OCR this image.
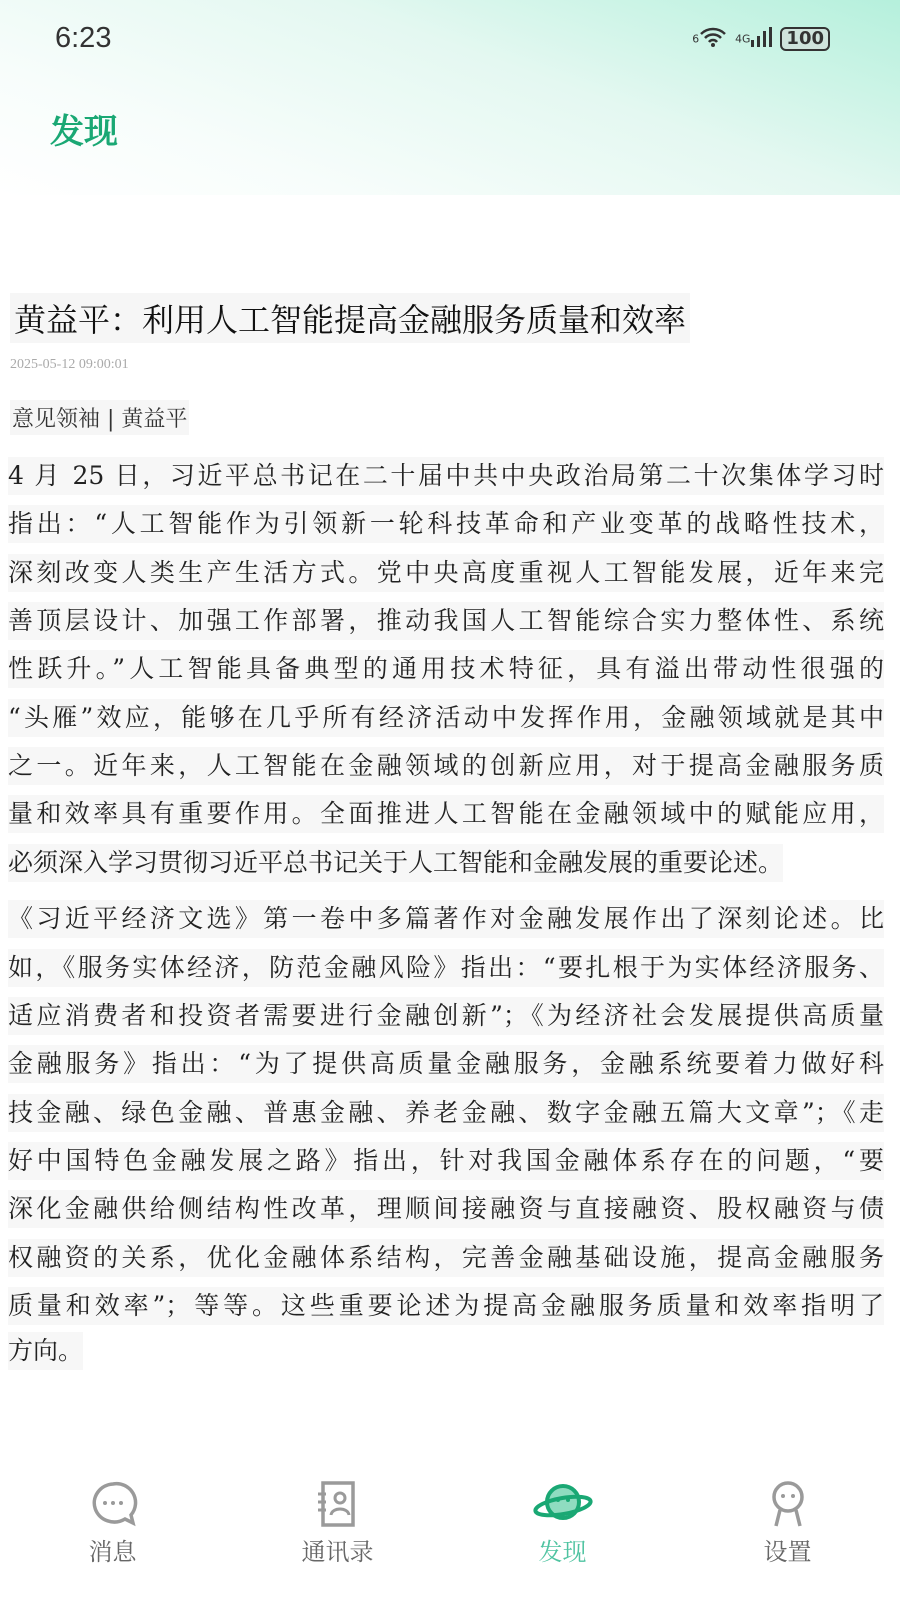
6:23	$^6$	$^{4G}$	100
发现
黄益平：利用人工智能提高金融服务质量和效率
2025-05-12 09:00:01
意见领袖 | 黄益平
4 月 25 日，习近平总书记在二十届中共中央政治局第二十次集体学习时
指出：“人工智能作为引领新一轮科技革命和产业变革的战略性技术，
深刻改变人类生产生活方式。党中央高度重视人工智能发展，近年来完
善顶层设计、加强工作部署，推动我国人工智能综合实力整体性、系统
性跃升。”人工智能具备典型的通用技术特征，具有溢出带动性很强的
“头雁”效应，能够在几乎所有经济活动中发挥作用，金融领域就是其中
之一。近年来，人工智能在金融领域的创新应用，对于提高金融服务质
量和效率具有重要作用。全面推进人工智能在金融领域中的赋能应用，
必须深入学习贯彻习近平总书记关于人工智能和金融发展的重要论述。
《习近平经济文选》第一卷中多篇著作对金融发展作出了深刻论述。比
如，《服务实体经济，防范金融风险》指出：“要扎根于为实体经济服务、
适应消费者和投资者需要进行金融创新”；《为经济社会发展提供高质量
金融服务》指出：“为了提供高质量金融服务，金融系统要着力做好科
技金融、绿色金融、普惠金融、养老金融、数字金融五篇大文章”；《走
好中国特色金融发展之路》指出，针对我国金融体系存在的问题，“要
深化金融供给侧结构性改革，理顺间接融资与直接融资、股权融资与债
权融资的关系，优化金融体系结构，完善金融基础设施，提高金融服务
质量和效率”；等等。这些重要论述为提高金融服务质量和效率指明了
方向。
消息	通讯录	发现	设置
